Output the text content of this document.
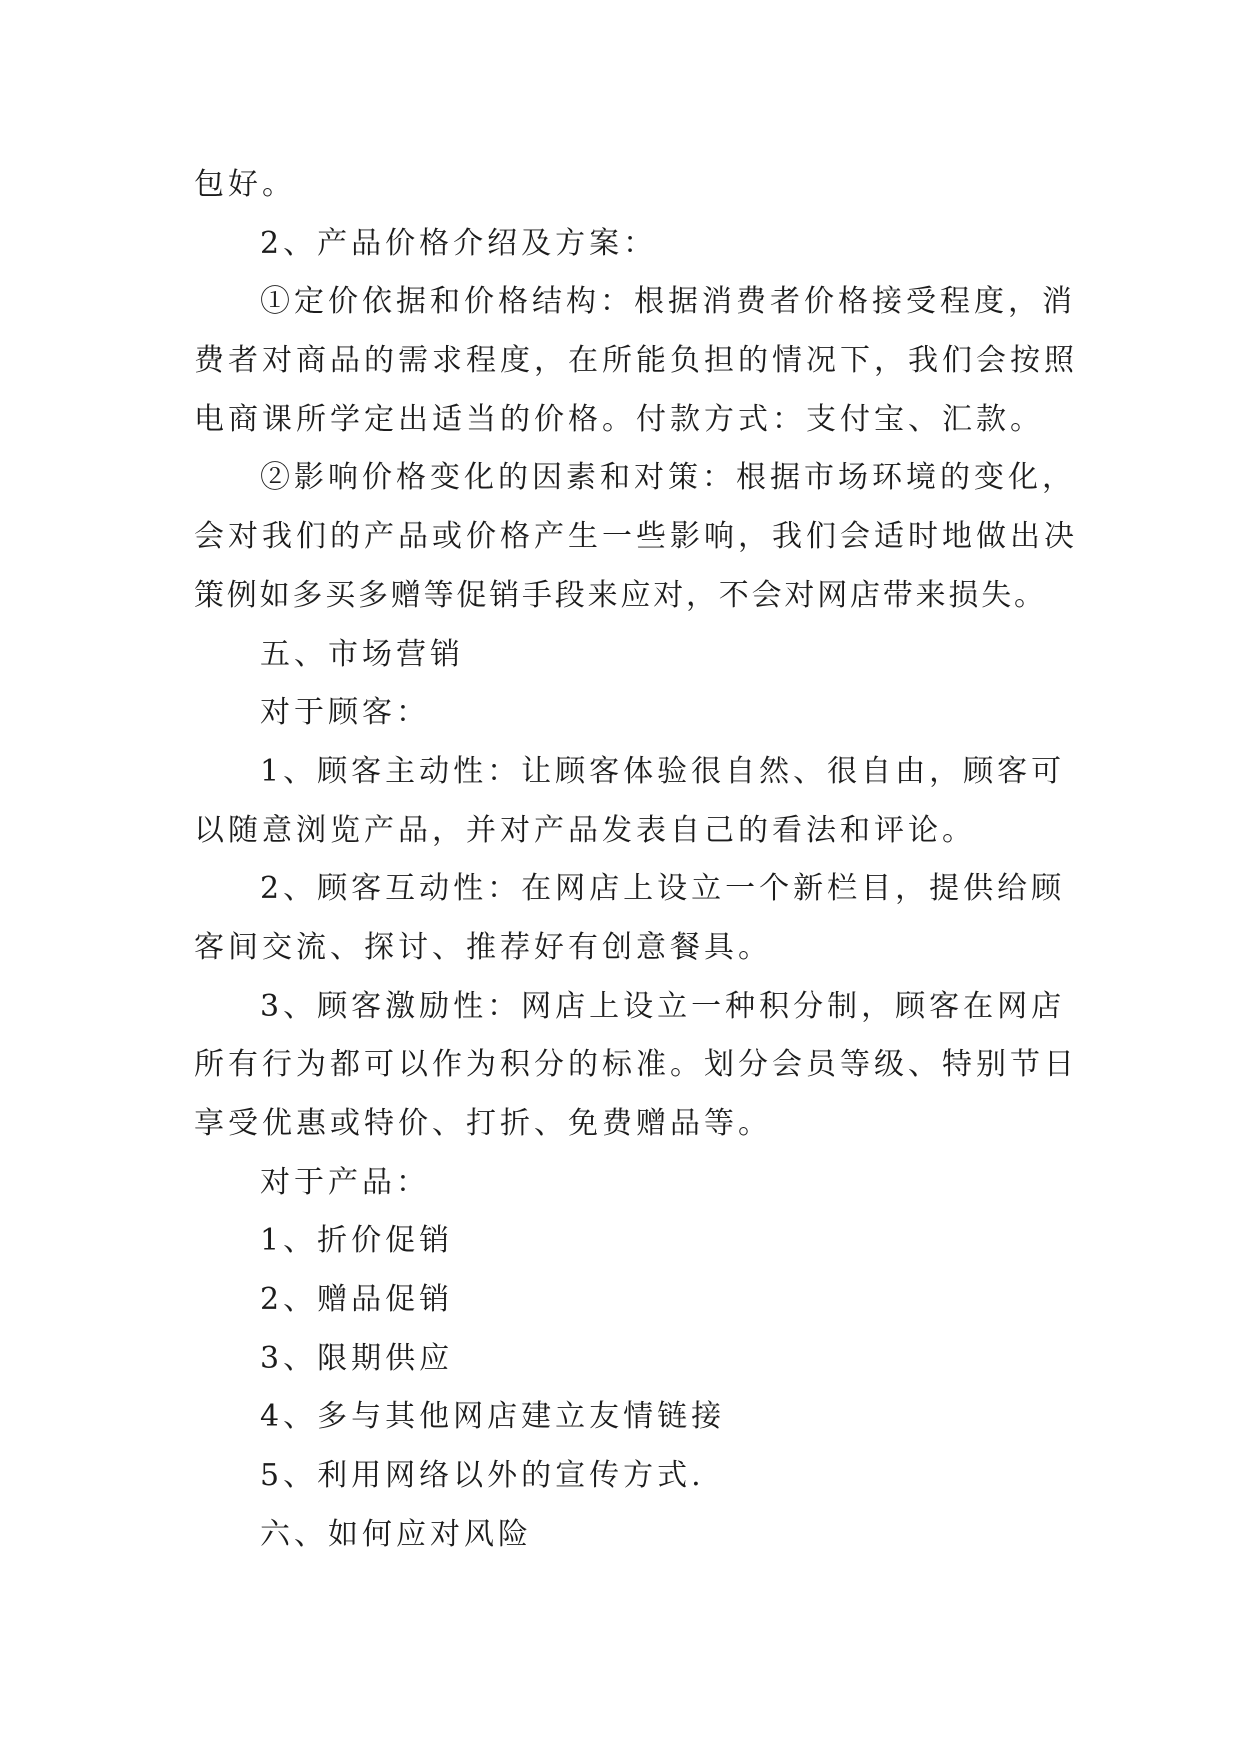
包好。
2、产品价格介绍及方案：
①定价依据和价格结构：根据消费者价格接受程度，消
费者对商品的需求程度，在所能负担的情况下，我们会按照
电商课所学定出适当的价格。付款方式：支付宝、汇款。
②影响价格变化的因素和对策：根据市场环境的变化，
会对我们的产品或价格产生一些影响，我们会适时地做出决
策例如多买多赠等促销手段来应对，不会对网店带来损失。
五、市场营销
对于顾客：
1、顾客主动性：让顾客体验很自然、很自由，顾客可
以随意浏览产品，并对产品发表自己的看法和评论。
2、顾客互动性：在网店上设立一个新栏目，提供给顾
客间交流、探讨、推荐好有创意餐具。
3、顾客激励性：网店上设立一种积分制，顾客在网店
所有行为都可以作为积分的标准。划分会员等级、特别节日
享受优惠或特价、打折、免费赠品等。
对于产品：
1、折价促销
2、赠品促销
3、限期供应
4、多与其他网店建立友情链接
5、利用网络以外的宣传方式.
六、如何应对风险
